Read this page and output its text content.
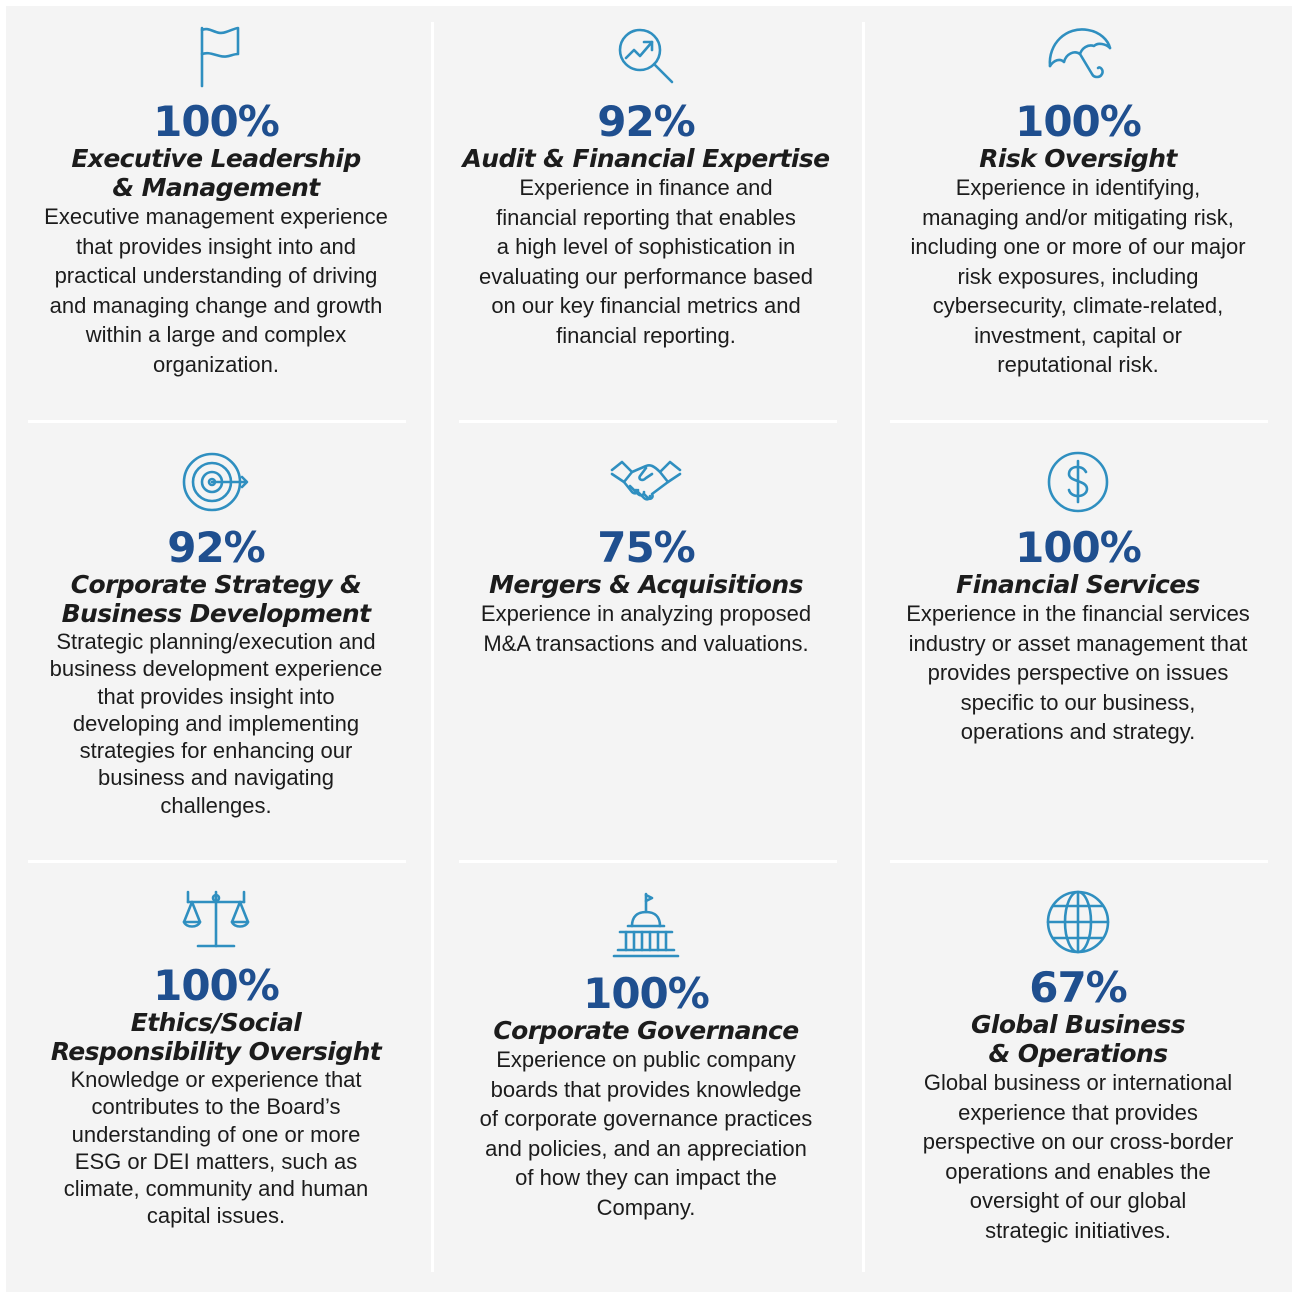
100%
Executive Leadership
& Management
Executive management experience
that provides insight into and
practical understanding of driving
and managing change and growth
within a large and complex
organization.
92%
Audit & Financial Expertise
Experience in finance and
financial reporting that enables
a high level of sophistication in
evaluating our performance based
on our key financial metrics and
financial reporting.
100%
Risk Oversight
Experience in identifying,
managing and/or mitigating risk,
including one or more of our major
risk exposures, including
cybersecurity, climate-related,
investment, capital or
reputational risk.
92%
Corporate Strategy &
Business Development
Strategic planning/execution and
business development experience
that provides insight into
developing and implementing
strategies for enhancing our
business and navigating
challenges.
75%
Mergers & Acquisitions
Experience in analyzing proposed
M&A transactions and valuations.
100%
Financial Services
Experience in the financial services
industry or asset management that
provides perspective on issues
specific to our business,
operations and strategy.
100%
Ethics/Social
Responsibility Oversight
Knowledge or experience that
contributes to the Board’s
understanding of one or more
ESG or DEI matters, such as
climate, community and human
capital issues.
100%
Corporate Governance
Experience on public company
boards that provides knowledge
of corporate governance practices
and policies, and an appreciation
of how they can impact the
Company.
67%
Global Business
& Operations
Global business or international
experience that provides
perspective on our cross-border
operations and enables the
oversight of our global
strategic initiatives.
